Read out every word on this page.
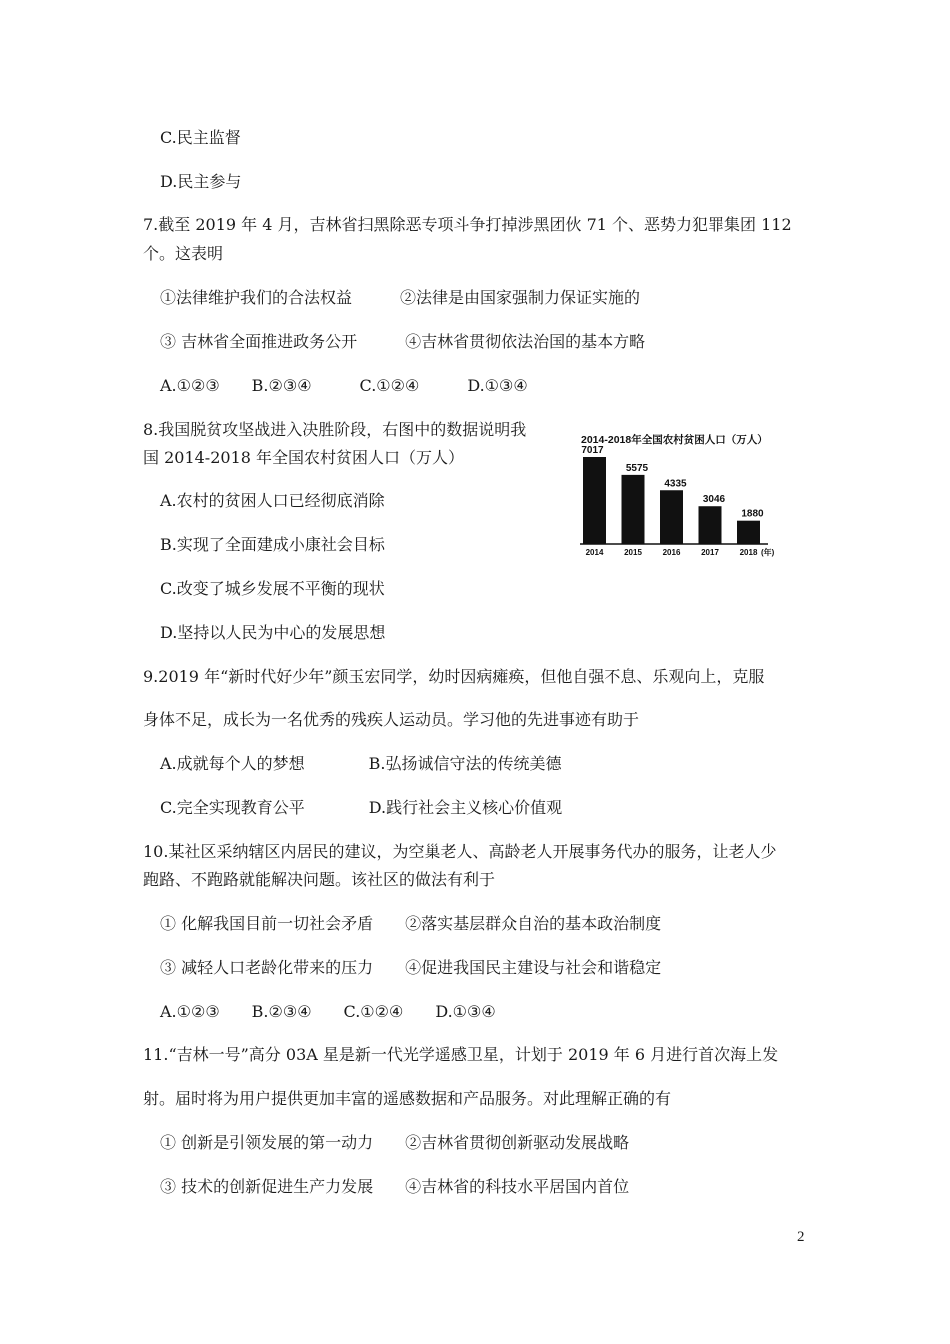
C.民主监督
D.民主参与
7.截至 2019 年 4 月，吉林省扫黑除恶专项斗争打掉涉黑团伙 71 个、恶势力犯罪集团 112
个。这表明
①法律维护我们的合法权益　　　②法律是由国家强制力保证实施的
③ 吉林省全面推进政务公开　　　④吉林省贯彻依法治国的基本方略
A.①②③　　B.②③④　　　C.①②④　　　D.①③④
8.我国脱贫攻坚战进入决胜阶段，右图中的数据说明我
国 2014-2018 年全国农村贫困人口（万人）
A.农村的贫困人口已经彻底消除
B.实现了全面建成小康社会目标
C.改变了城乡发展不平衡的现状
D.坚持以人民为中心的发展思想
9.2019 年“新时代好少年”颜玉宏同学，幼时因病瘫痪，但他自强不息、乐观向上，克服
身体不足，成长为一名优秀的残疾人运动员。学习他的先进事迹有助于
A.成就每个人的梦想　　　　B.弘扬诚信守法的传统美德
C.完全实现教育公平　　　　D.践行社会主义核心价值观
10.某社区采纳辖区内居民的建议，为空巢老人、高龄老人开展事务代办的服务，让老人少
跑路、不跑路就能解决问题。该社区的做法有利于
① 化解我国目前一切社会矛盾　　②落实基层群众自治的基本政治制度
③ 减轻人口老龄化带来的压力　　④促进我国民主建设与社会和谐稳定
A.①②③　　B.②③④　　C.①②④　　D.①③④
11.“吉林一号”高分 03A 星是新一代光学遥感卫星，计划于 2019 年 6 月进行首次海上发
射。届时将为用户提供更加丰富的遥感数据和产品服务。对此理解正确的有
① 创新是引领发展的第一动力　　②吉林省贯彻创新驱动发展战略
③ 技术的创新促进生产力发展　　④吉林省的科技水平居国内首位
2014-2018年全国农村贫困人口（万人）
7017
2014
5575
2015
4335
2016
3046
2017
1880
2018 (年)
2
